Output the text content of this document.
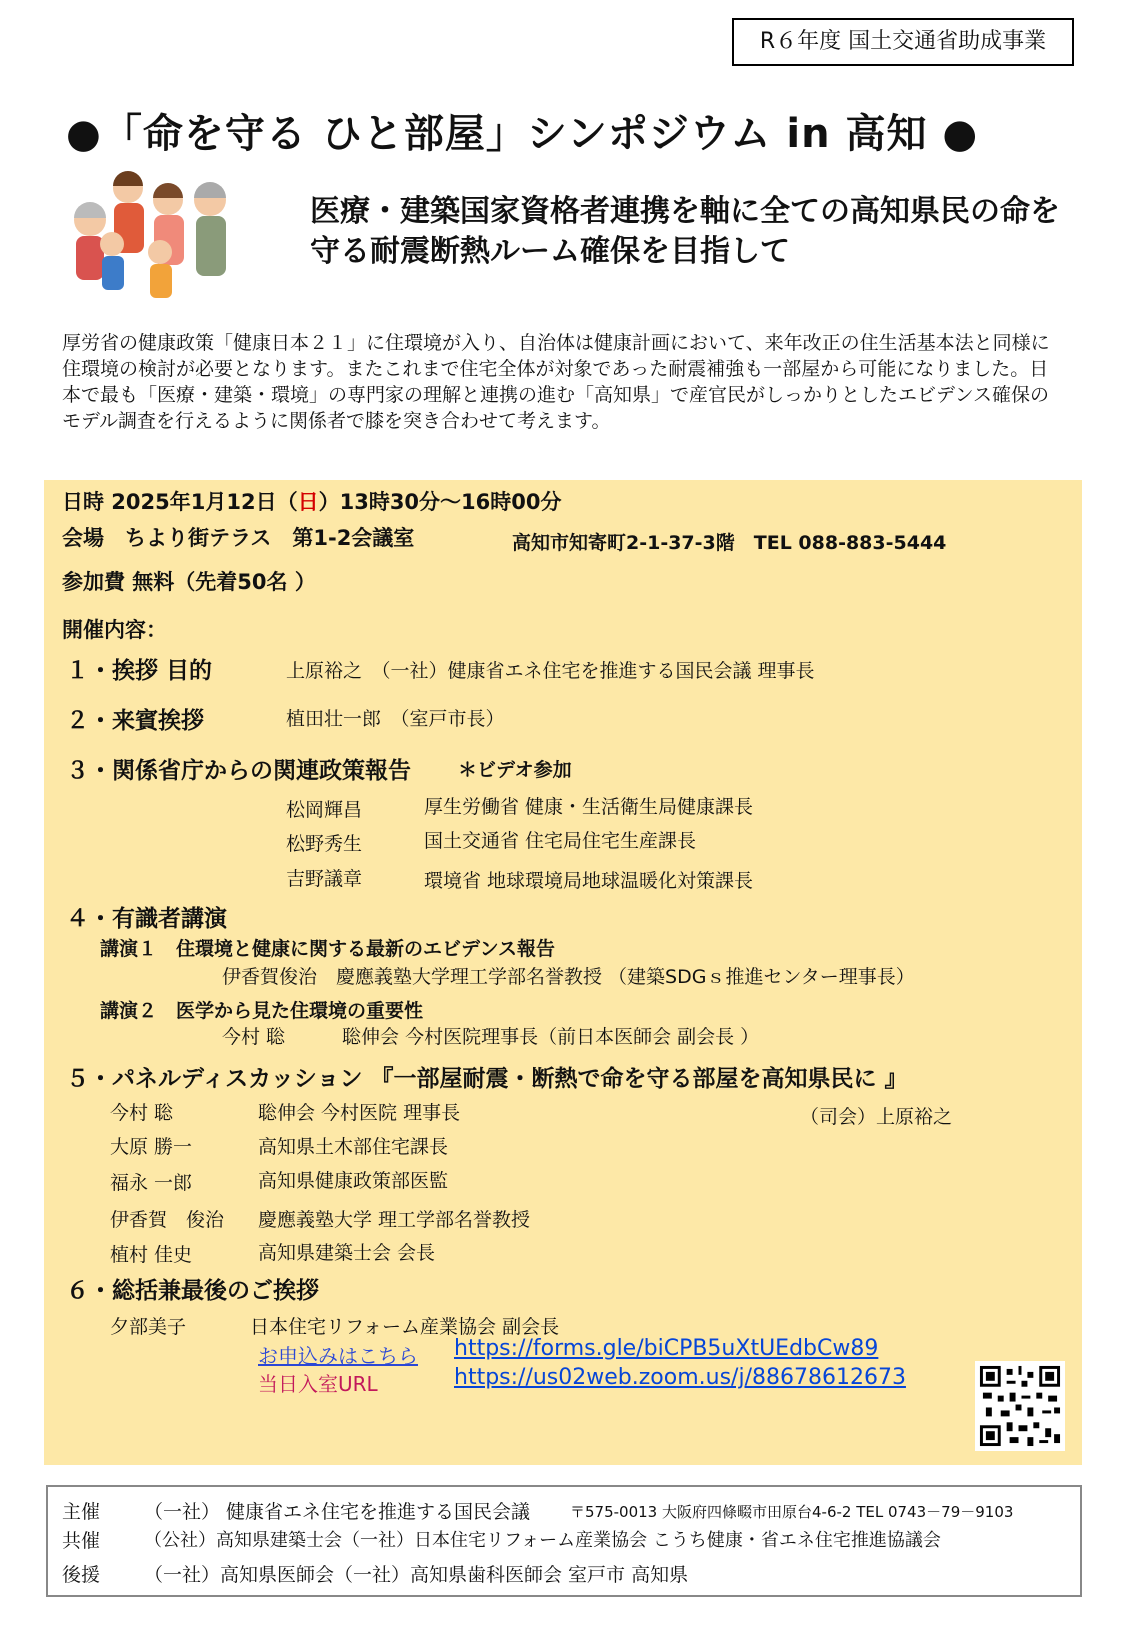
R６年度 国土交通省助成事業
●「命を守る ひと部屋」シンポジウム in 高知 ●
医療・建築国家資格者連携を軸に全ての高知県民の命を守る耐震断熱ルーム確保を目指して
厚労省の健康政策「健康日本２１」に住環境が入り、自治体は健康計画において、来年改正の住生活基本法と同様に住環境の検討が必要となります。またこれまで住宅全体が対象であった耐震補強も一部屋から可能になりました。日本で最も「医療・建築・環境」の専門家の理解と連携の進む「高知県」で産官民がしっかりとしたエビデンス確保のモデル調査を行えるように関係者で膝を突き合わせて考えます。
日時 2025年1月12日（日）13時30分～16時00分
会場　ちより街テラス　第1-2会議室	高知市知寄町2-1-37-3階　TEL 088-883-5444
参加費 無料（先着50名 ）
開催内容：
１・挨拶 目的	上原裕之　（一社）健康省エネ住宅を推進する国民会議 理事長
２・来賓挨拶	植田壮一郎　（室戸市長）
３・関係省庁からの関連政策報告 ＊ビデオ参加
松岡輝昌	厚生労働省 健康・生活衛生局健康課長
松野秀生	国土交通省 住宅局住宅生産課長
吉野議章	環境省 地球環境局地球温暖化対策課長
４・有識者講演
講演１　住環境と健康に関する最新のエビデンス報告
伊香賀俊治　慶應義塾大学理工学部名誉教授 （建築SDGｓ推進センター理事長）
講演２　医学から見た住環境の重要性
今村 聡　　　聡伸会 今村医院理事長（前日本医師会 副会長 ）
５・パネルディスカッション 『一部屋耐震・断熱で命を守る部屋を高知県民に 』
（司会）上原裕之
今村 聡	聡伸会 今村医院 理事長
大原 勝一	高知県土木部住宅課長
福永 一郎	高知県健康政策部医監
伊香賀　俊治 慶應義塾大学 理工学部名誉教授
植村 佳史	高知県建築士会 会長
６・総括兼最後のご挨拶
夕部美子	日本住宅リフォーム産業協会 副会長
お申込みはこちら https://forms.gle/biCPB5uXtUEdbCw89
当日入室URL	https://us02web.zoom.us/j/88678612673
主催 （一社） 健康省エネ住宅を推進する国民会議	〒575-0013 大阪府四條畷市田原台4-6-2 TEL 0743－79－9103
共催 （公社）高知県建築士会（一社）日本住宅リフォーム産業協会 こうち健康・省エネ住宅推進協議会
後援 （一社）高知県医師会（一社）高知県歯科医師会 室戸市 高知県
